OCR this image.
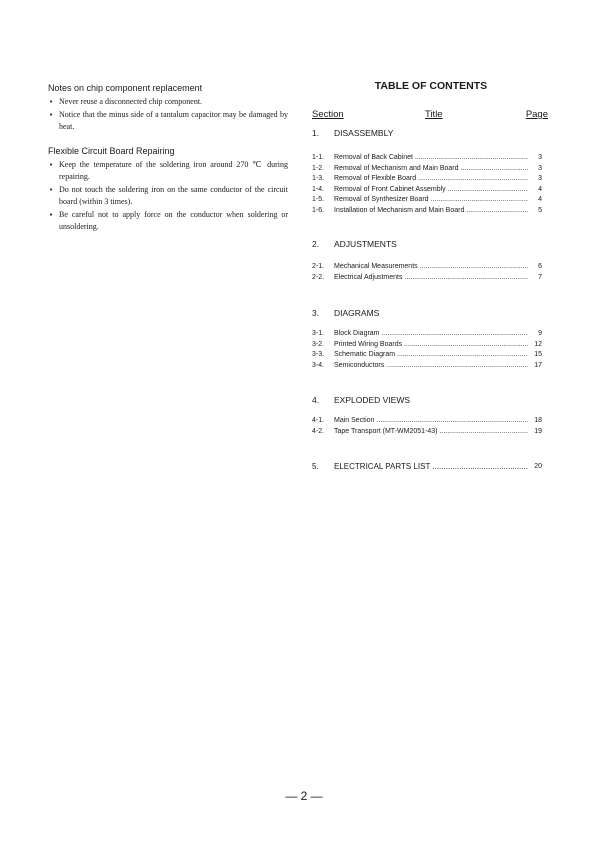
Notes on chip component replacement
• Never reuse a disconnected chip component.
• Notice that the minus side of a tantalum capacitor may be damaged by heat.
Flexible Circuit Board Repairing
• Keep the temperature of the soldering iron around 270 ℃ during repairing.
• Do not touch the soldering iron on the same conductor of the circuit board (within 3 times).
• Be careful not to apply force on the conductor when soldering or unsoldering.
TABLE OF CONTENTS
Section	Title	Page
1. DISASSEMBLY
1-1. Removal of Back Cabinet .....	3
1-2. Removal of Mechanism and Main Board .....	3
1-3. Removal of Flexible Board .....	3
1-4. Removal of Front Cabinet Assembly .....	4
1-5. Removal of Synthesizer Board .....	4
1-6. Installation of Mechanism and Main Board .....	5
2. ADJUSTMENTS
2-1. Mechanical Measurements .....	6
2-2. Electrical Adjustments .....	7
3. DIAGRAMS
3-1. Block Diagram .....	9
3-2. Printed Wiring Boards .....	12
3-3. Schematic Diagram .....	15
3-4. Semiconductors .....	17
4. EXPLODED VIEWS
4-1. Main Section .....	18
4-2. Tape Transport (MT-WM2051-43) .....	19
5. ELECTRICAL PARTS LIST .....	20
— 2 —
